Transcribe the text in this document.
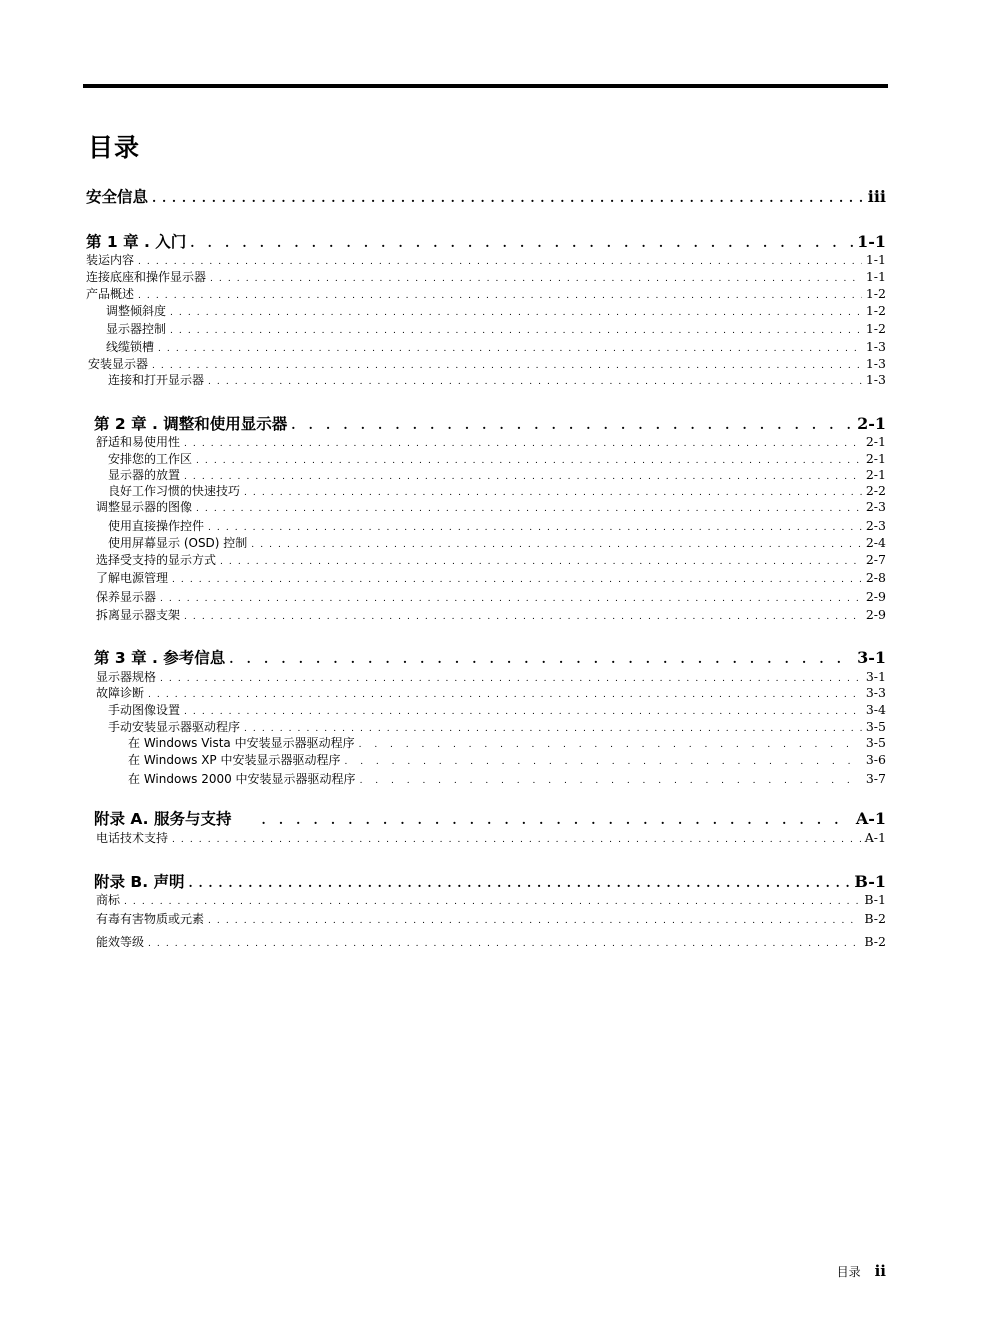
目录
安全信息 . . .	iii
第 1 章 . 入门 . . .	1-1
装运内容 . . .	1-1
连接底座和操作显示器 . . .	1-1
产品概述 . . .	1-2
调整倾斜度 . . .	1-2
显示器控制 . . .	1-2
线缆锁槽 . . .	1-3
安装显示器 . . .	1-3
连接和打开显示器 . . .	1-3
第 2 章 . 调整和使用显示器 . . .	2-1
舒适和易使用性 . . .	2-1
安排您的工作区 . . .	2-1
显示器的放置 . . .	2-1
良好工作习惯的快速技巧 . . .	2-2
调整显示器的图像 . . .	2-3
使用直接操作控件 . . .	2-3
使用屏幕显示 (OSD) 控制 . . .	2-4
选择受支持的显示方式 . . .	2-7
了解电源管理 . . .	2-8
保养显示器 . . .	2-9
拆离显示器支架 . . .	2-9
第 3 章 . 参考信息 . . .	3-1
显示器规格 . . .	3-1
故障诊断 . . .	3-3
手动图像设置 . . .	3-4
手动安装显示器驱动程序 . . .	3-5
在 Windows Vista 中安装显示器驱动程序 . . .	3-5
在 Windows XP 中安装显示器驱动程序 . . .	3-6
在 Windows 2000 中安装显示器驱动程序 . . .	3-7
附录 A. 服务与支持 . . .	A-1
电话技术支持 . . .	A-1
附录 B. 声明 . . .	B-1
商标 . . .	B-1
有毒有害物质或元素 . . .	B-2
能效等级 . . .	B-2
目录 ii
